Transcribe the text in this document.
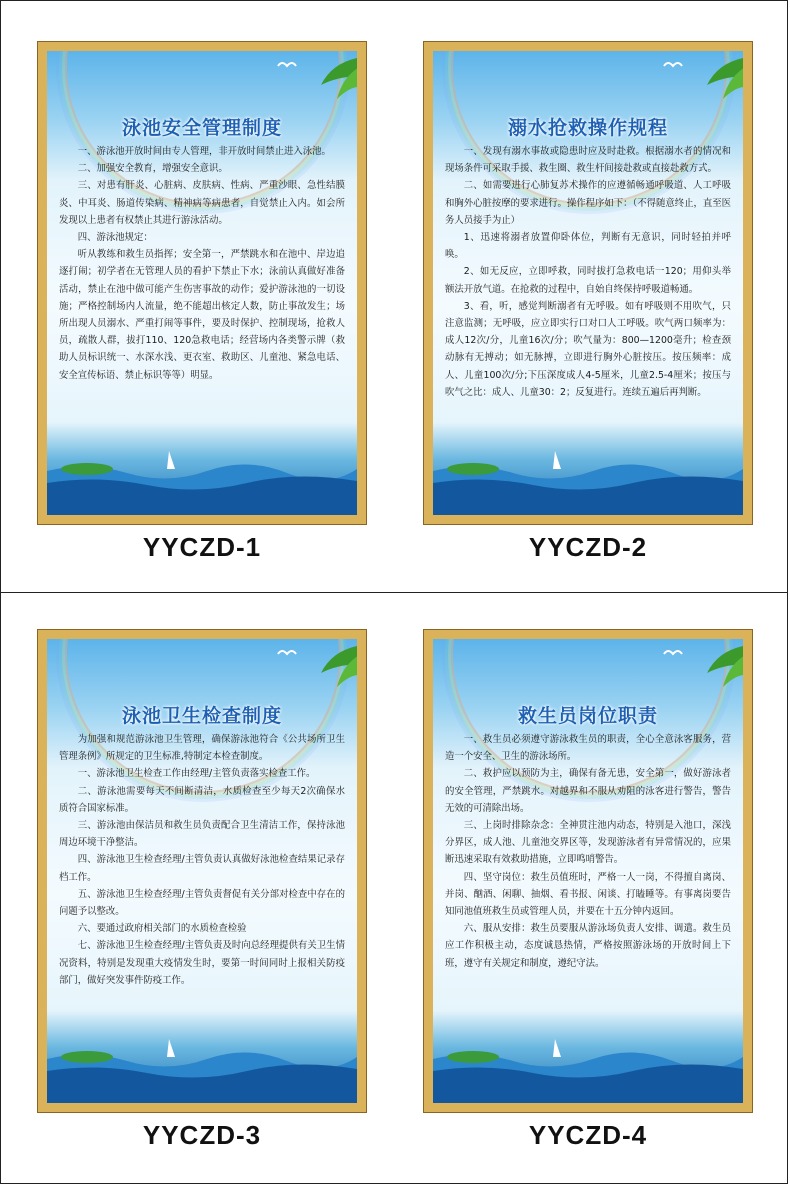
泳池安全管理制度

一、游泳池开放时间由专人管理，非开放时间禁止进入泳池。

二、加强安全教育，增强安全意识。

三、对患有肝炎、心脏病、皮肤病、性病、严重沙眼、急性结膜炎、中耳炎、肠道传染病、精神病等病患者，自觉禁止入内。如会所发现以上患者有权禁止其进行游泳活动。

四、游泳池规定：

听从教练和救生员指挥；安全第一，严禁跳水和在池中、岸边追逐打闹；初学者在无管理人员的看护下禁止下水；泳前认真做好准备活动，禁止在池中做可能产生伤害事故的动作；爱护游泳池的一切设施；严格控制场内人流量，绝不能超出核定人数，防止事故发生；场所出现人员溺水、严重打闹等事件，要及时保护、控制现场，抢救人员，疏散人群，拔打110、120急救电话；经营场内各类警示牌（救助人员标识统一、水深水浅、更衣室、救助区、儿童池、紧急电话、安全宣传标语、禁止标识等等）明显。

溺水抢救操作规程

一、发现有溺水事故或隐患时应及时赴救。根据溺水者的情况和现场条件可采取手援、救生圈、救生杆间接赴救或直接赴救方式。

二、如需要进行心肺复苏术操作的应遵循畅通呼吸道、人工呼吸和胸外心脏按摩的要求进行。操作程序如下：（不得随意终止，直至医务人员接手为止）

1、迅速将溺者放置仰卧体位，判断有无意识，同时轻拍并呼唤。

2、如无反应，立即呼救，同时拔打急救电话一120；用仰头举额法开放气道。在抢救的过程中，自始自终保持呼吸道畅通。

3、看，听，感觉判断溺者有无呼吸。如有呼吸则不用吹气，只注意监测；无呼吸，应立即实行口对口人工呼吸。吹气两口频率为：成人12次/分，儿童16次/分；吹气量为：800—1200毫升；检查颈动脉有无搏动；如无脉搏，立即进行胸外心脏按压。按压频率：成人、儿童100次/分;下压深度成人4-5厘米，儿童2.5-4厘米；按压与吹气之比：成人、儿童30：2；反复进行。连续五遍后再判断。

泳池卫生检查制度

为加强和规范游泳池卫生管理，确保游泳池符合《公共场所卫生管理条例》所规定的卫生标准,特制定本检查制度。

一、游泳池卫生检查工作由经理/主管负责落实检查工作。

二、游泳池需要每天不间断清洁，水质检查至少每天2次确保水质符合国家标准。

三、游泳池由保洁员和救生员负责配合卫生清洁工作，保持泳池周边环境干净整洁。

四、游泳池卫生检查经理/主管负责认真做好泳池检查结果记录存档工作。

五、游泳池卫生检查经理/主管负责督促有关分部对检查中存在的问题予以整改。

六、要通过政府相关部门的水质检查检验

七、游泳池卫生检查经理/主管负责及时向总经理提供有关卫生情况资料，特别是发现重大疫情发生时，要第一时间同时上报相关防疫部门，做好突发事件防疫工作。

救生员岗位职责

一、救生员必须遵守游泳救生员的职责，全心全意泳客服务，营造一个安全、卫生的游泳场所。

二、救护应以预防为主，确保有备无患，安全第一，做好游泳者的安全管理，严禁跳水。对越界和不服从劝阻的泳客进行警告，警告无效的可清除出场。

三、上岗时排除杂念：全神贯注池内动态，特别是入池口，深浅分界区，成人池、儿童池交界区等，发现游泳者有异常情况的，应果断迅速采取有效救助措施，立即鸣哨警告。

四、坚守岗位：救生员值班时，严格一人一岗，不得擅自离岗、并岗、酗酒、闲聊、抽烟、看书报、闲谈、打瞌睡等。有事离岗要告知同池值班救生员或管理人员，并要在十五分钟内返回。

六、服从安排：救生员要服从游泳场负责人安排、调遣。救生员应工作积极主动，态度诚恳热情，严格按照游泳场的开放时间上下班，遵守有关规定和制度，遵纪守法。

YYCZD-1	YYCZD-2
YYCZD-3	YYCZD-4
